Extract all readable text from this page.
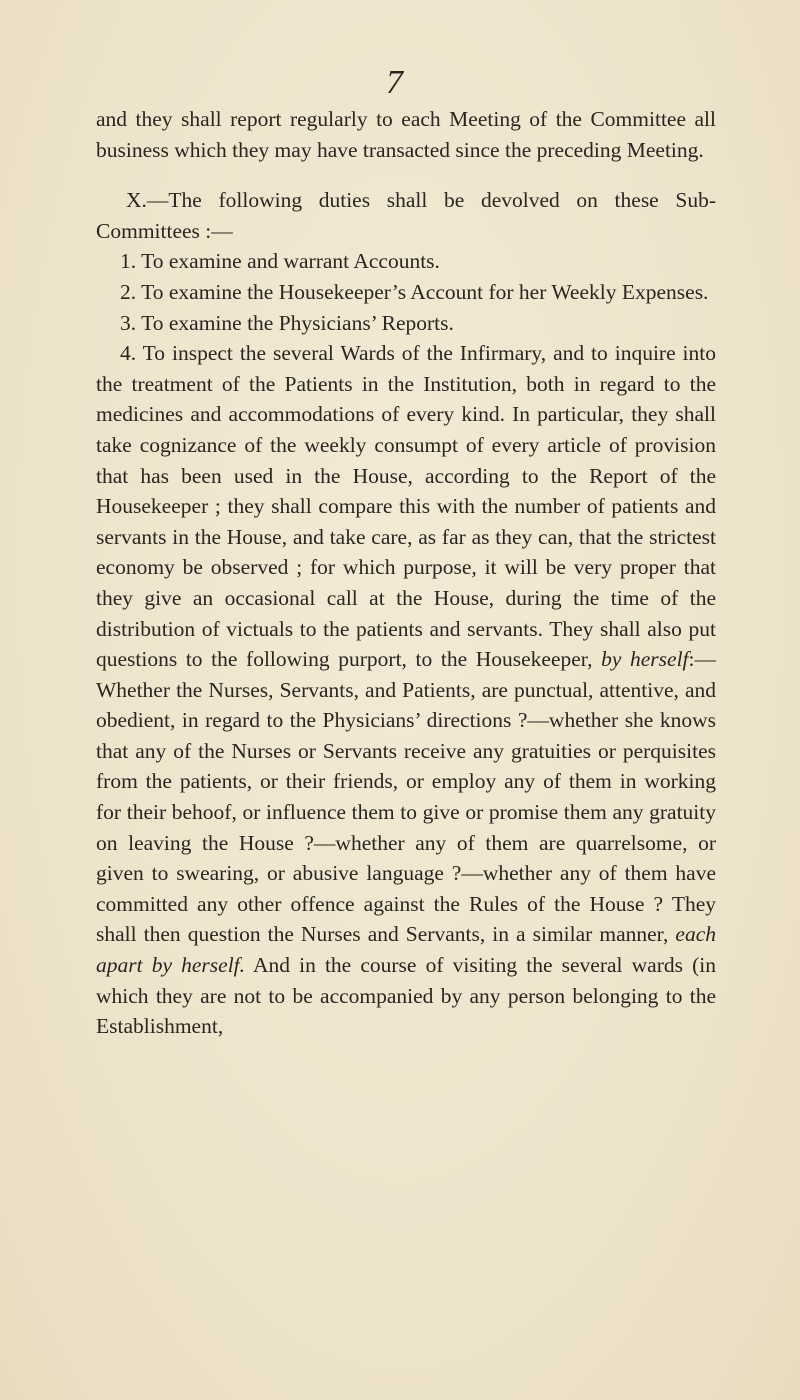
7

and they shall report regularly to each Meeting of the Committee all business which they may have transacted since the preceding Meeting.

X.—The following duties shall be devolved on these Sub-Committees :—

1. To examine and warrant Accounts.

2. To examine the Housekeeper’s Account for her Weekly Expenses.

3. To examine the Physicians’ Reports.

4. To inspect the several Wards of the Infirmary, and to inquire into the treatment of the Patients in the Institution, both in regard to the medicines and accommodations of every kind. In particular, they shall take cognizance of the weekly consumpt of every article of provision that has been used in the House, according to the Report of the Housekeeper ; they shall compare this with the number of patients and servants in the House, and take care, as far as they can, that the strictest economy be observed ; for which purpose, it will be very proper that they give an occasional call at the House, during the time of the distribution of victuals to the patients and servants. They shall also put questions to the following purport, to the Housekeeper, by herself:—Whether the Nurses, Servants, and Patients, are punctual, attentive, and obedient, in regard to the Physicians’ directions ?—whether she knows that any of the Nurses or Servants receive any gratuities or perquisites from the patients, or their friends, or employ any of them in working for their behoof, or influence them to give or promise them any gratuity on leaving the House ?—whether any of them are quarrelsome, or given to swearing, or abusive language ?—whether any of them have committed any other offence against the Rules of the House ? They shall then question the Nurses and Servants, in a similar manner, each apart by herself. And in the course of visiting the several wards (in which they are not to be accompanied by any person belonging to the Establishment,
